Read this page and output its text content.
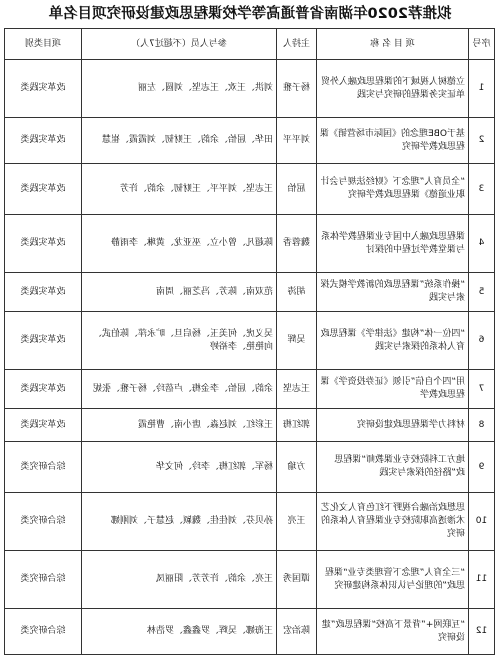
拟推荐2020年湖南省普通高等学校课程思政建设研究项目名单
序号	项 目 名 称	主持人	参与人员（不超过7人）	项目类别
1	立德树人视域下的课程思政融入外贸单证实务课程的研究与实践	杨子雅	刘洪、王欢、王志坚、刘圆、左丽	改革实践类
2	基于OBE理念的《国际市场营销》课程思政教学研究	刘平平	田华、屈怡、余韵、王财韧、刘霞霞、崔慧	改革实践类
3	“全员育人”理念下《财经法规与会计职业道德》课程思政教学研究	屈怡	王志坚、刘平平、王财韧、余韵、许芳	改革实践类
4	课程思政融入中国专业课程教学体系与课堂教学过程中的探讨	魏蓉香	陈超凡、曾小立、巫亚龙、黄琳、李雨静	改革实践类
5	“操作系统”课程思政的新教学模式探索与实践	胡涛	范双南、陈芳、冯芝丽、周南	改革实践类
6	“四位一体”构建《法律学》课程思政育人体系的探索与实践	吴辉	吴义虎、何美玉、杨启旦、旷永萍、陈伯武、向艳艳、李裕婷	改革实践类
7	用“四个自信”引领《证券投资学》课程思政教学	王志坚	余韵、屈怡、李金梅、卢蓓玲、杨子雅、张妮	改革实践类
8	材料力学课程思政建设研究	郭红梅	王彩红、刘赵淼、唐小南、曹艳霞	改革实践类
9	地方工科院校专业课教师“课程思政”路径的探索与实践	方瑜	杨军、郭红梅、李玲、何文华	综合研究类
10	思想政治融合视野下红色育人文化艺术渗透高职院校专业课程育人体系的研究	王亮	孙贝芬、刘佳佳、魏颖、赵慧子、刘刚娜	综合研究类
11	“三全育人”理念下管理类专业“课程思政”的理论与认识体系构建研究	谭国秀	王亮、余韵、许芳芳、阳丽凤	综合研究类
12	“互联网+”背景下高校“课程思政”建设研究	陈治宏	王海娜、吴辉、罗鑫鑫、罗浩林	综合研究类
